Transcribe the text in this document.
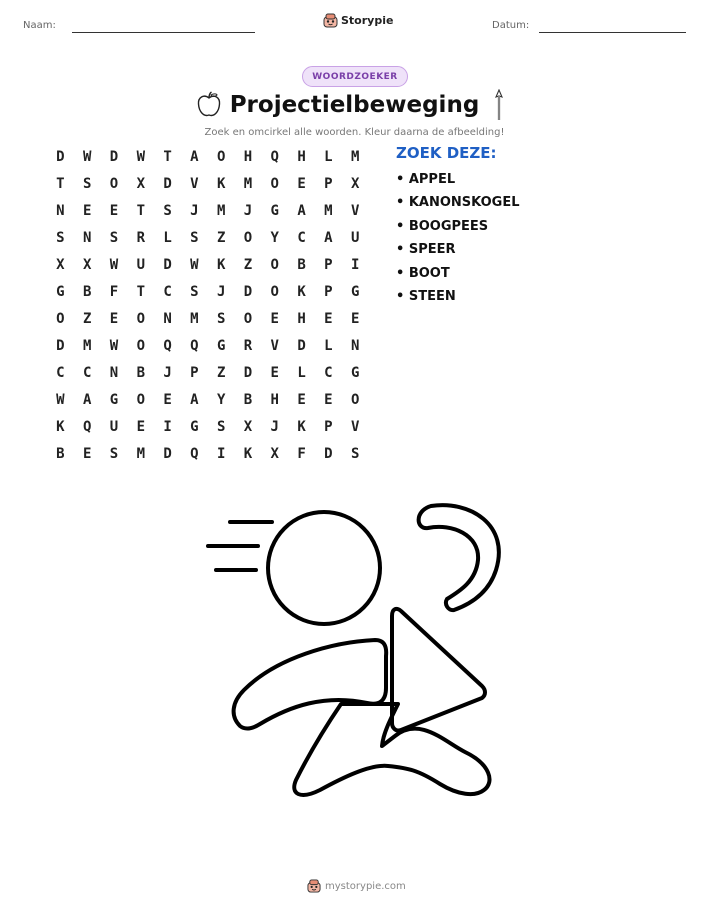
Naam:	Storypie	Datum:
WOORDZOEKER
Projectielbeweging
Zoek en omcirkel alle woorden. Kleur daarna de afbeelding!
D	W	D	W	T	A	O	H	Q	H	L	M
T	S	O	X	D	V	K	M	O	E	P	X
N	E	E	T	S	J	M	J	G	A	M	V
S	N	S	R	L	S	Z	O	Y	C	A	U
X	X	W	U	D	W	K	Z	O	B	P	I
G	B	F	T	C	S	J	D	O	K	P	G
O	Z	E	O	N	M	S	O	E	H	E	E
D	M	W	O	Q	Q	G	R	V	D	L	N
C	C	N	B	J	P	Z	D	E	L	C	G
W	A	G	O	E	A	Y	B	H	E	E	O
K	Q	U	E	I	G	S	X	J	K	P	V
B	E	S	M	D	Q	I	K	X	F	D	S
ZOEK DEZE:
• APPEL
• KANONSKOGEL
• BOOGPEES
• SPEER
• BOOT
• STEEN
mystorypie.com
